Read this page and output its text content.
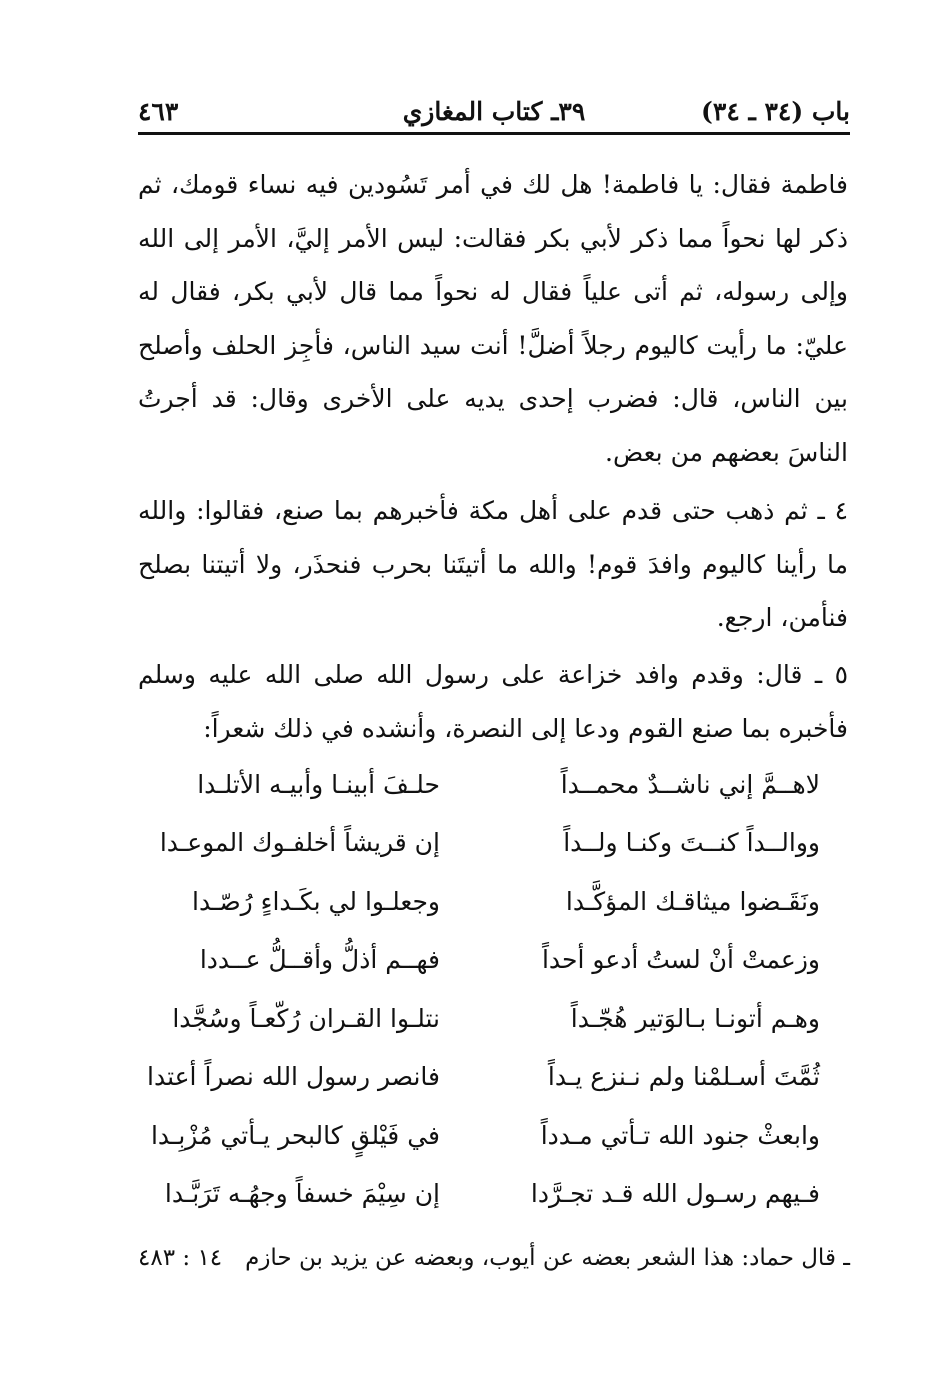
باب (٣٤ ـ ٣٤)
٣٩ـ كتاب المغازي
٤٦٣
فاطمة فقال: يا فاطمة! هل لك في أمر تَسُودين فيه نساء قومك، ثم ذكر لها نحواً مما ذكر لأبي بكر فقالت: ليس الأمر إليَّ، الأمر إلى الله وإلى رسوله، ثم أتى علياً فقال له نحواً مما قال لأبي بكر، فقال له عليّ: ما رأيت كاليوم رجلاً أضلَّ! أنت سيد الناس، فأجِز الحلف وأصلح بين الناس، قال: فضرب إحدى يديه على الأخرى وقال: قد أجرتُ الناسَ بعضهم من بعض.
٤ ـ ثم ذهب حتى قدم على أهل مكة فأخبرهم بما صنع، فقالوا: والله ما رأينا كاليوم وافدَ قوم! والله ما أتيتَنا بحرب فنحذَر، ولا أتيتنا بصلح فنأمن، ارجع.
٥ ـ قال: وقدم وافد خزاعة على رسول الله صلى الله عليه وسلم فأخبره بما صنع القوم ودعا إلى النصرة، وأنشده في ذلك شعراً:
لاهــمَّ إني ناشــدٌ محمــداً
حلـفَ أبينـا وأبيـه الأتلـدا
ووالــداً كنــتَ وكنـا ولــداً
إن قريشاً أخلفـوك الموعـدا
ونَقَـضوا ميثاقـك المؤكَّـدا
وجعلـوا لي بكَـداءٍ رُصّـدا
وزعمتْ أنْ لستُ أدعو أحداً
فهــم أذلُّ وأقــلُّ عــددا
وهـم أتونـا بـالوَتير هُجّـداً
نتلـوا القـران رُكّعـاً وسُجَّدا
ثُمَّتَ أسـلمْنا ولم نـنزع يـداً
فانصر رسول الله نصراً أعتدا
وابعثْ جنود الله تـأتي مـدداً
في فَيْلقٍ كالبحر يـأتي مُزْبِـدا
فـيهم رسـول الله قـد تجـرَّدا
إن سِيْمَ خسفاً وجهُـه تَرَبَّـدا
ـ قال حماد: هذا الشعر بعضه عن أيوب، وبعضه عن يزيد بن حازم
١٤ : ٤٨٣
